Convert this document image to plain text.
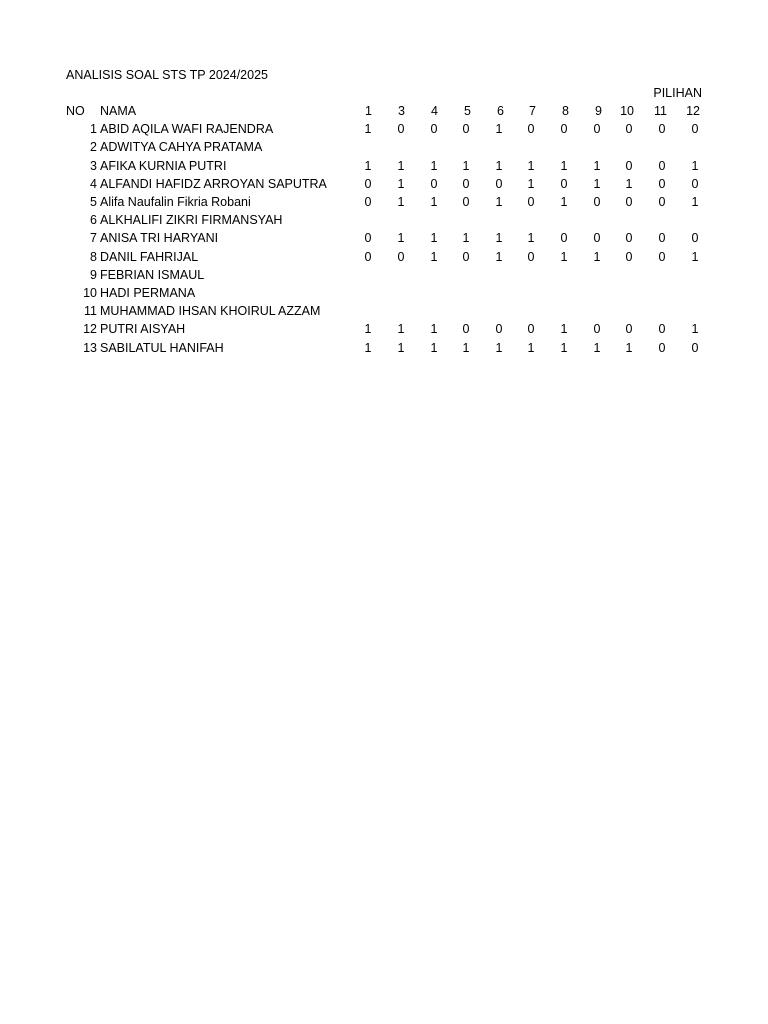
ANALISIS SOAL STS TP 2024/2025
PILIHAN
NO	NAMA	1	3	4	5	6	7	8	9	10	11	12
1 ABID AQILA WAFI RAJENDRA	1	0	0	0	1	0	0	0	0	0	0
2 ADWITYA CAHYA PRATAMA
3 AFIKA KURNIA PUTRI	1	1	1	1	1	1	1	1	0	0	1
4 ALFANDI HAFIDZ ARROYAN SAPUTRA	0	1	0	0	0	1	0	1	1	0	0
5 Alifa Naufalin Fikria Robani	0	1	1	0	1	0	1	0	0	0	1
6 ALKHALIFI ZIKRI FIRMANSYAH
7 ANISA TRI HARYANI	0	1	1	1	1	1	0	0	0	0	0
8 DANIL FAHRIJAL	0	0	1	0	1	0	1	1	0	0	1
9 FEBRIAN ISMAUL
10 HADI PERMANA
11 MUHAMMAD IHSAN KHOIRUL AZZAM
12 PUTRI AISYAH	1	1	1	0	0	0	1	0	0	0	1
13 SABILATUL HANIFAH	1	1	1	1	1	1	1	1	1	0	0
